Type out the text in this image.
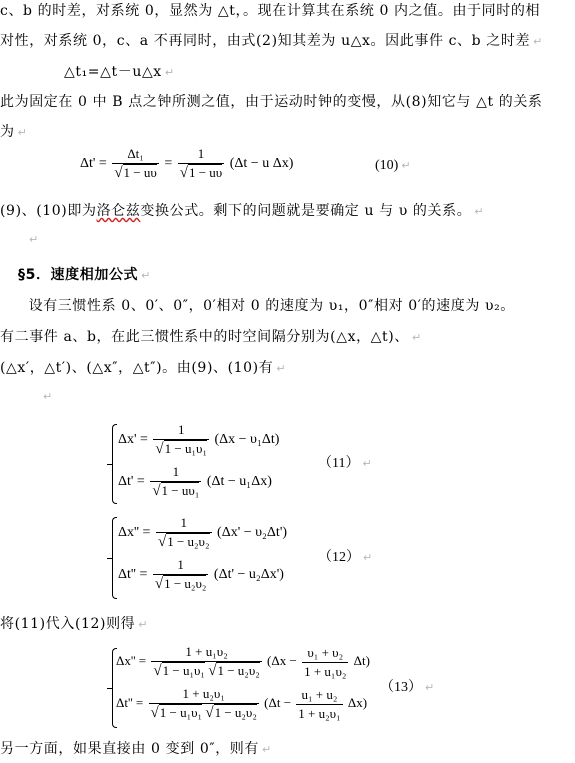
c、b 的时差，对系统 0，显然为 △t，。现在计算其在系统 0 内之值。由于同时的相
对性，对系统 0，c、a 不再同时，由式(2)知其差为 u△x。因此事件 c、b 之时差 ↵
△t₁=△t－u△x ↵
此为固定在 0 中 B 点之钟所测之值，由于运动时钟的变慢，从(8)知它与 △t 的关系
为 ↵
$\Delta t' = \frac{\text{Δt₁}}{√1 - u\upsilon} = \frac{1}{√1 - u\upsilon} (\Delta t - u$ Δx)	(10) ↵
(9)、(10)即为洛仑兹变换公式。剩下的问题就是要确定 u 与 υ 的关系。 ↵
↵
§5．速度相加公式 ↵
　设有三惯性系 0、0′、0″，0′相对 0 的速度为 υ₁，0″相对 0′的速度为 υ₂。
有二事件 a、b，在此三惯性系中的时空间隔分别为(△x，△t)、 ↵
(△x′，△t′)、(△x″，△t″)。由(9)、(10)有 ↵
↵
$\Delta x' = \frac{1}{\text{√1 − u₁υ₁}} (\Delta x - \upsilon_1\Delta t)$
$\Delta t' = \frac{1}{\text{√1 − uυ₁}} (\Delta t - u_1\Delta x)$
（11） ↵
$\Delta x'' = \frac{1}{\text{√1 − u₂υ₂}} (\Delta x' - \upsilon_2\Delta t')$
$\Delta t'' = \frac{1}{\text{√1 − u₂υ₂}} (\Delta t' - u_2\Delta x')$
（12） ↵
将(11)代入(12)则得 ↵
$\Delta x'' = \frac{\text{1 + u₁υ₂}}{\text{√1 − u₁υ₁ √1 − u₂υ₂}} (\Delta x - \frac{\text{υ₁ + υ₂}}{\text{1 + u₁υ₂}} \Delta t)$
$\Delta t'' = \frac{\text{1 + u₂υ₁}}{\text{√1 − u₁υ₁ √1 − u₂υ₂}} (\Delta t - \frac{\text{u₁ + u₂}}{\text{1 + u₂υ₁}} \Delta x)$
（13） ↵
另一方面，如果直接由 0 变到 0″，则有 ↵
